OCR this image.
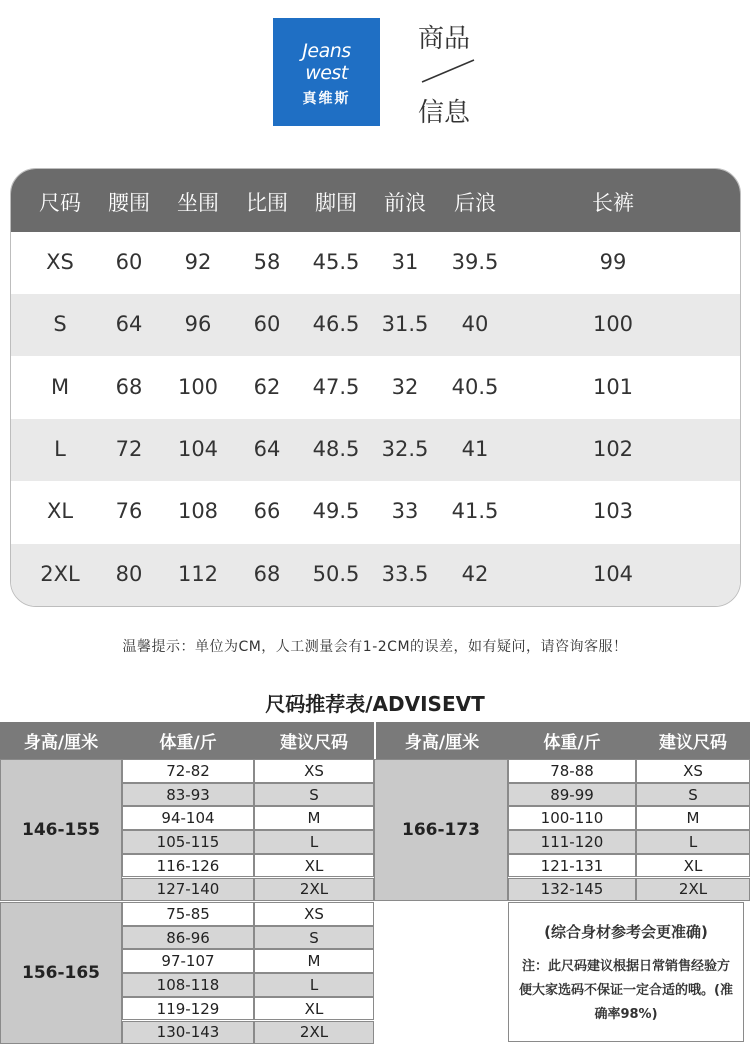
Jeans
west
真维斯
商品
信息
尺码 腰围 坐围 比围 脚围 前浪 后浪	长裤
XS 60 92 58 45.5 31 39.5	99
S 64 96 60 46.5 31.5 40	100
M 68 100 62 47.5 32 40.5	101
L 72 104 64 48.5 32.5 41	102
XL 76 108 66 49.5 33 41.5	103
2XL 80 112 68 50.5 33.5 42	104
温馨提示：单位为CM，人工测量会有1-2CM的误差，如有疑问，请咨询客服！
尺码推荐表/ADVISEVT
身高/厘米	体重/斤	建议尺码	身高/厘米	体重/斤	建议尺码
(综合身材参考会更准确)
注：此尺码建议根据日常销售经验方便大家选码不保证一定合适的哦。(准确率98%)
146-155
72-82	XS
83-93	S
94-104	M
105-115	L
116-126	XL
127-140	2XL
156-165
75-85	XS
86-96	S
97-107	M
108-118	L
119-129	XL
130-143	2XL
166-173
78-88	XS
89-99	S
100-110	M
111-120	L
121-131	XL
132-145	2XL
